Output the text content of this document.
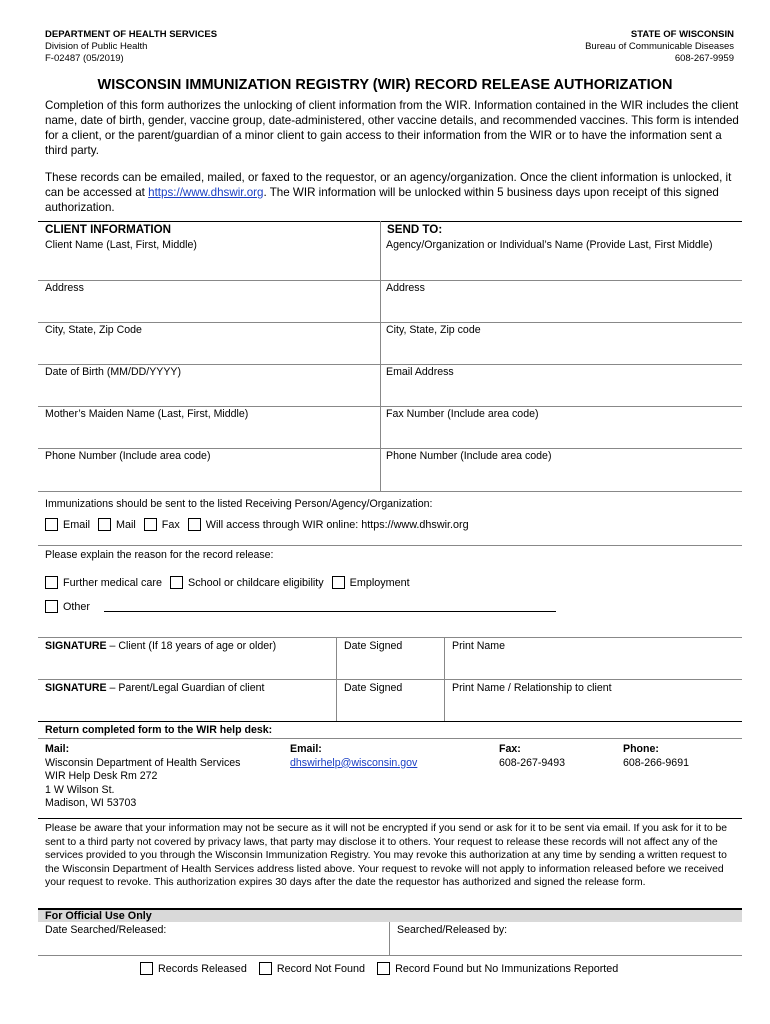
DEPARTMENT OF HEALTH SERVICES
Division of Public Health
F-02487 (05/2019)
STATE OF WISCONSIN
Bureau of Communicable Diseases
608-267-9959
WISCONSIN IMMUNIZATION REGISTRY (WIR) RECORD RELEASE AUTHORIZATION
Completion of this form authorizes the unlocking of client information from the WIR. Information contained in the WIR includes the client name, date of birth, gender, vaccine group, date-administered, other vaccine details, and recommended vaccines. This form is intended for a client, or the parent/guardian of a minor client to gain access to their information from the WIR or to have the information sent a third party.
These records can be emailed, mailed, or faxed to the requestor, or an agency/organization. Once the client information is unlocked, it can be accessed at https://www.dhswir.org. The WIR information will be unlocked within 5 business days upon receipt of this signed authorization.
CLIENT INFORMATION	SEND TO:
Client Name (Last, First, Middle)	Agency/Organization or Individual’s Name (Provide Last, First Middle)
Address	Address
City, State, Zip Code	City, State, Zip code
Date of Birth (MM/DD/YYYY)	Email Address
Mother’s Maiden Name (Last, First, Middle)	Fax Number (Include area code)
Phone Number (Include area code)	Phone Number (Include area code)
Immunizations should be sent to the listed Receiving Person/Agency/Organization:
Email Mail Fax Will access through WIR online: https://www.dhswir.org
Please explain the reason for the record release:
Further medical care School or childcare eligibility Employment
Other
SIGNATURE – Client (If 18 years of age or older)	Date Signed	Print Name
SIGNATURE – Parent/Legal Guardian of client	Date Signed	Print Name / Relationship to client
Return completed form to the WIR help desk:
Mail:
Wisconsin Department of Health Services
WIR Help Desk Rm 272
1 W Wilson St.
Madison, WI 53703
Email:
dhswirhelp@wisconsin.gov
Fax:
608-267-9493
Phone:
608-266-9691
Please be aware that your information may not be secure as it will not be encrypted if you send or ask for it to be sent via email. If you ask for it to be sent to a third party not covered by privacy laws, that party may disclose it to others. Your request to release these records will not affect any of the services provided to you through the Wisconsin Immunization Registry. You may revoke this authorization at any time by sending a written request to the Wisconsin Department of Health Services address listed above. Your request to revoke will not apply to information released before we received your request to revoke. This authorization expires 30 days after the date the requestor has authorized and signed the release form.
For Official Use Only
Date Searched/Released:	Searched/Released by:
Records Released	Record Not Found	Record Found but No Immunizations Reported
